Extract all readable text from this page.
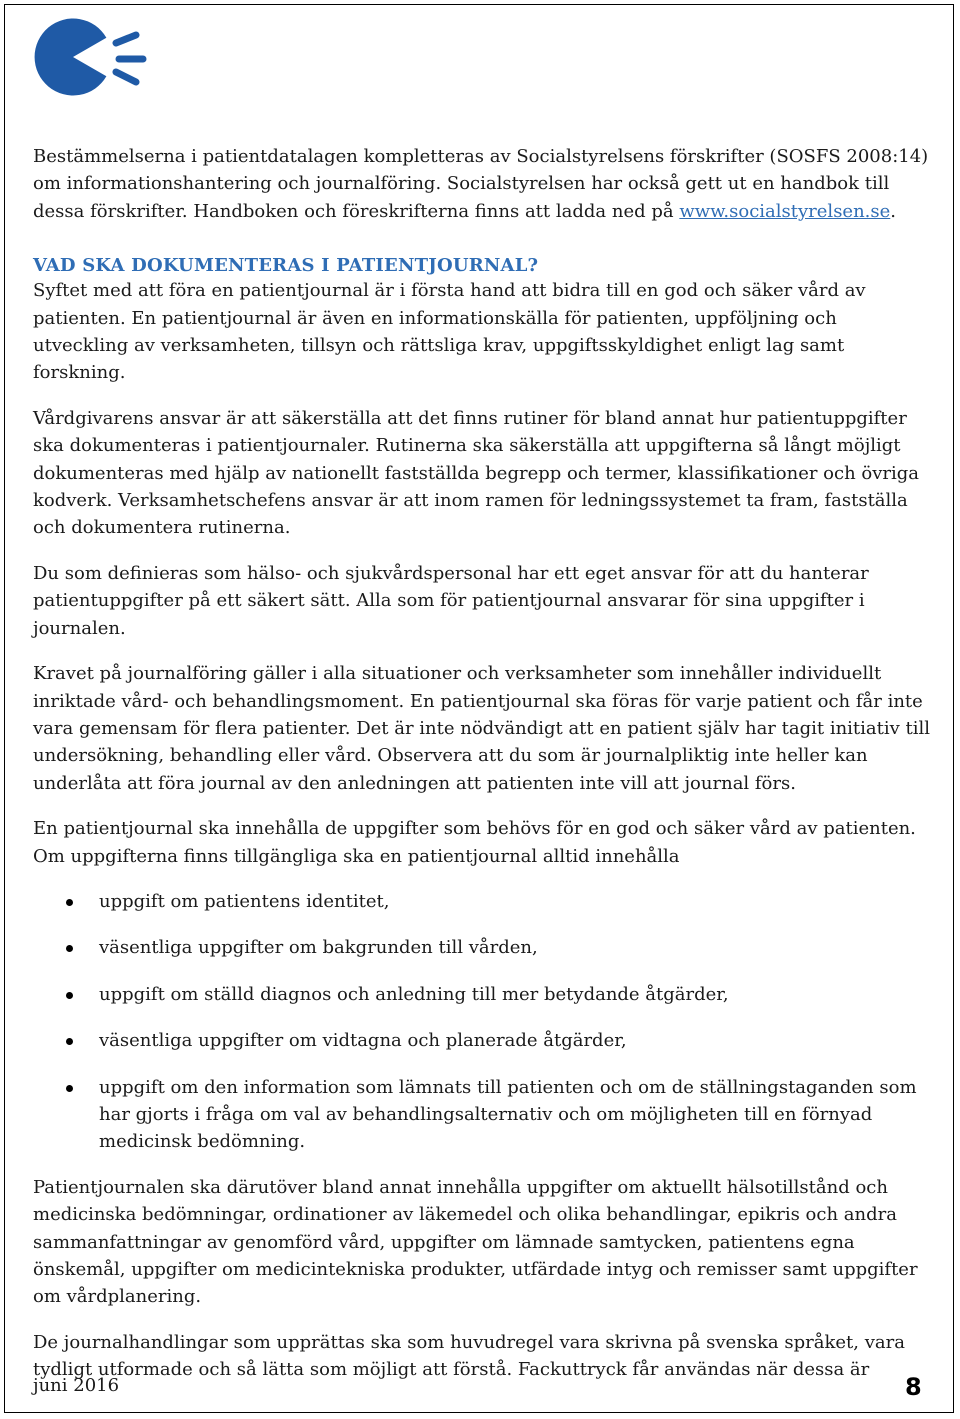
Bestämmelserna i patientdatalagen kompletteras av Socialstyrelsens förskrifter (SOSFS 2008:14) om informationshantering och journalföring. Socialstyrelsen har också gett ut en handbok till dessa förskrifter. Handboken och föreskrifterna finns att ladda ned på www.socialstyrelsen.se.

VAD SKA DOKUMENTERAS I PATIENTJOURNAL?

Syftet med att föra en patientjournal är i första hand att bidra till en god och säker vård av patienten. En patientjournal är även en informationskälla för patienten, uppföljning och utveckling av verksamheten, tillsyn och rättsliga krav, uppgiftsskyldighet enligt lag samt forskning.

Vårdgivarens ansvar är att säkerställa att det finns rutiner för bland annat hur patientuppgifter ska dokumenteras i patientjournaler. Rutinerna ska säkerställa att uppgifterna så långt möjligt dokumenteras med hjälp av nationellt fastställda begrepp och termer, klassifikationer och övriga kodverk. Verksamhetschefens ansvar är att inom ramen för ledningssystemet ta fram, fastställa och dokumentera rutinerna.

Du som definieras som hälso- och sjukvårdspersonal har ett eget ansvar för att du hanterar patientuppgifter på ett säkert sätt. Alla som för patientjournal ansvarar för sina uppgifter i journalen.

Kravet på journalföring gäller i alla situationer och verksamheter som innehåller individuellt inriktade vård- och behandlingsmoment. En patientjournal ska föras för varje patient och får inte vara gemensam för flera patienter. Det är inte nödvändigt att en patient själv har tagit initiativ till undersökning, behandling eller vård. Observera att du som är journalpliktig inte heller kan underlåta att föra journal av den anledningen att patienten inte vill att journal förs.

En patientjournal ska innehålla de uppgifter som behövs för en god och säker vård av patienten. Om uppgifterna finns tillgängliga ska en patientjournal alltid innehålla

uppgift om patientens identitet,
väsentliga uppgifter om bakgrunden till vården,
uppgift om ställd diagnos och anledning till mer betydande åtgärder,
väsentliga uppgifter om vidtagna och planerade åtgärder,
uppgift om den information som lämnats till patienten och om de ställningstaganden som har gjorts i fråga om val av behandlingsalternativ och om möjligheten till en förnyad medicinsk bedömning.

Patientjournalen ska därutöver bland annat innehålla uppgifter om aktuellt hälsotillstånd och medicinska bedömningar, ordinationer av läkemedel och olika behandlingar, epikris och andra sammanfattningar av genomförd vård, uppgifter om lämnade samtycken, patientens egna önskemål, uppgifter om medicintekniska produkter, utfärdade intyg och remisser samt uppgifter om vårdplanering.

De journalhandlingar som upprättas ska som huvudregel vara skrivna på svenska språket, vara tydligt utformade och så lätta som möjligt att förstå. Fackuttryck får användas när dessa är

juni 2016	8
